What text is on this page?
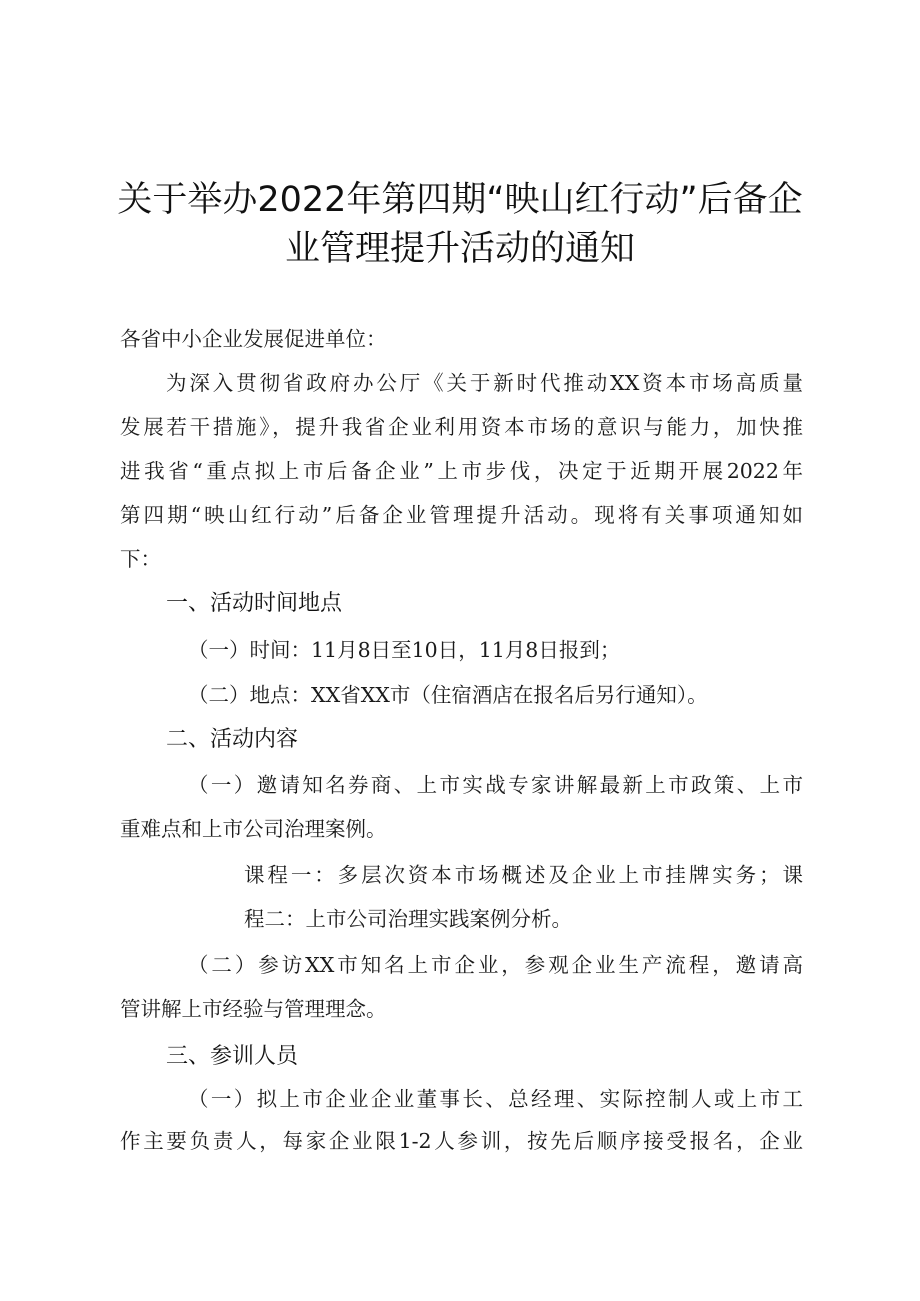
关于举办2022年第四期“映山红行动”后备企
业管理提升活动的通知
各省中小企业发展促进单位：
为深入贯彻省政府办公厅《关于新时代推动XX资本市场高质量
发展若干措施》，提升我省企业利用资本市场的意识与能力，加快推
进我省“重点拟上市后备企业”上市步伐，决定于近期开展2022年
第四期“映山红行动”后备企业管理提升活动。现将有关事项通知如
下：
一、活动时间地点
（一）时间：11月8日至10日，11月8日报到；
（二）地点：XX省XX市（住宿酒店在报名后另行通知）。
二、活动内容
（一）邀请知名券商、上市实战专家讲解最新上市政策、上市
重难点和上市公司治理案例。
课程一：多层次资本市场概述及企业上市挂牌实务；课
程二：上市公司治理实践案例分析。
（二）参访XX市知名上市企业，参观企业生产流程，邀请高
管讲解上市经验与管理理念。
三、参训人员
（一）拟上市企业企业董事长、总经理、实际控制人或上市工
作主要负责人，每家企业限1-2人参训，按先后顺序接受报名，企业
